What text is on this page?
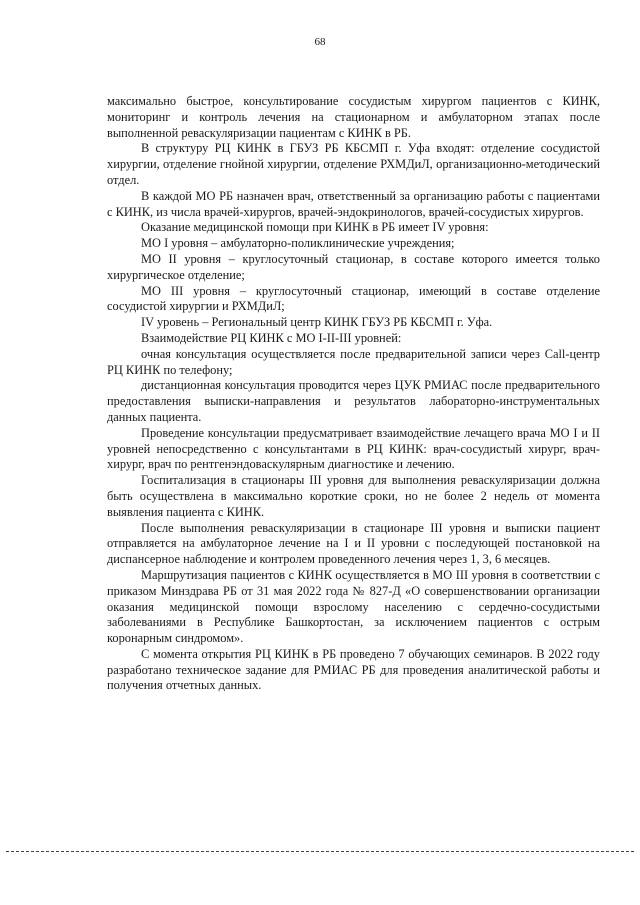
68

максимально быстрое, консультирование сосудистым хирургом пациентов с КИНК, мониторинг и контроль лечения на стационарном и амбулаторном этапах после выполненной реваскуляризации пациентам с КИНК в РБ.

В структуру РЦ КИНК в ГБУЗ РБ КБСМП г. Уфа входят: отделение сосудистой хирургии, отделение гнойной хирургии, отделение РХМДиЛ, организационно-методический отдел.

В каждой МО РБ назначен врач, ответственный за организацию работы с пациентами с КИНК, из числа врачей-хирургов, врачей-эндокринологов, врачей-сосудистых хирургов.

Оказание медицинской помощи при КИНК в РБ имеет IV уровня:

МО I уровня – амбулаторно-поликлинические учреждения;

МО II уровня – круглосуточный стационар, в составе которого имеется только хирургическое отделение;

МО III уровня – круглосуточный стационар, имеющий в составе отделение сосудистой хирургии и РХМДиЛ;

IV уровень – Региональный центр КИНК ГБУЗ РБ КБСМП г. Уфа.

Взаимодействие РЦ КИНК с МО I-II-III уровней:

очная консультация осуществляется после предварительной записи через Call-центр РЦ КИНК по телефону;

дистанционная консультация проводится через ЦУК РМИАС после предварительного предоставления выписки-направления и результатов лабораторно-инструментальных данных пациента.

Проведение консультации предусматривает взаимодействие лечащего врача МО I и II уровней непосредственно с консультантами в РЦ КИНК: врач-сосудистый хирург, врач-хирург, врач по рентгенэндоваскулярным диагностике и лечению.

Госпитализация в стационары III уровня для выполнения реваскуляризации должна быть осуществлена в максимально короткие сроки, но не более 2 недель от момента выявления пациента с КИНК.

После выполнения реваскуляризации в стационаре III уровня и выписки пациент отправляется на амбулаторное лечение на I и II уровни с последующей постановкой на диспансерное наблюдение и контролем проведенного лечения через 1, 3, 6 месяцев.

Маршрутизация пациентов с КИНК осуществляется в МО III уровня в соответствии с приказом Минздрава РБ от 31 мая 2022 года № 827-Д «О совершенствовании организации оказания медицинской помощи взрослому населению с сердечно-сосудистыми заболеваниями в Республике Башкортостан, за исключением пациентов с острым коронарным синдромом».

С момента открытия РЦ КИНК в РБ проведено 7 обучающих семинаров. В 2022 году разработано техническое задание для РМИАС РБ для проведения аналитической работы и получения отчетных данных.
